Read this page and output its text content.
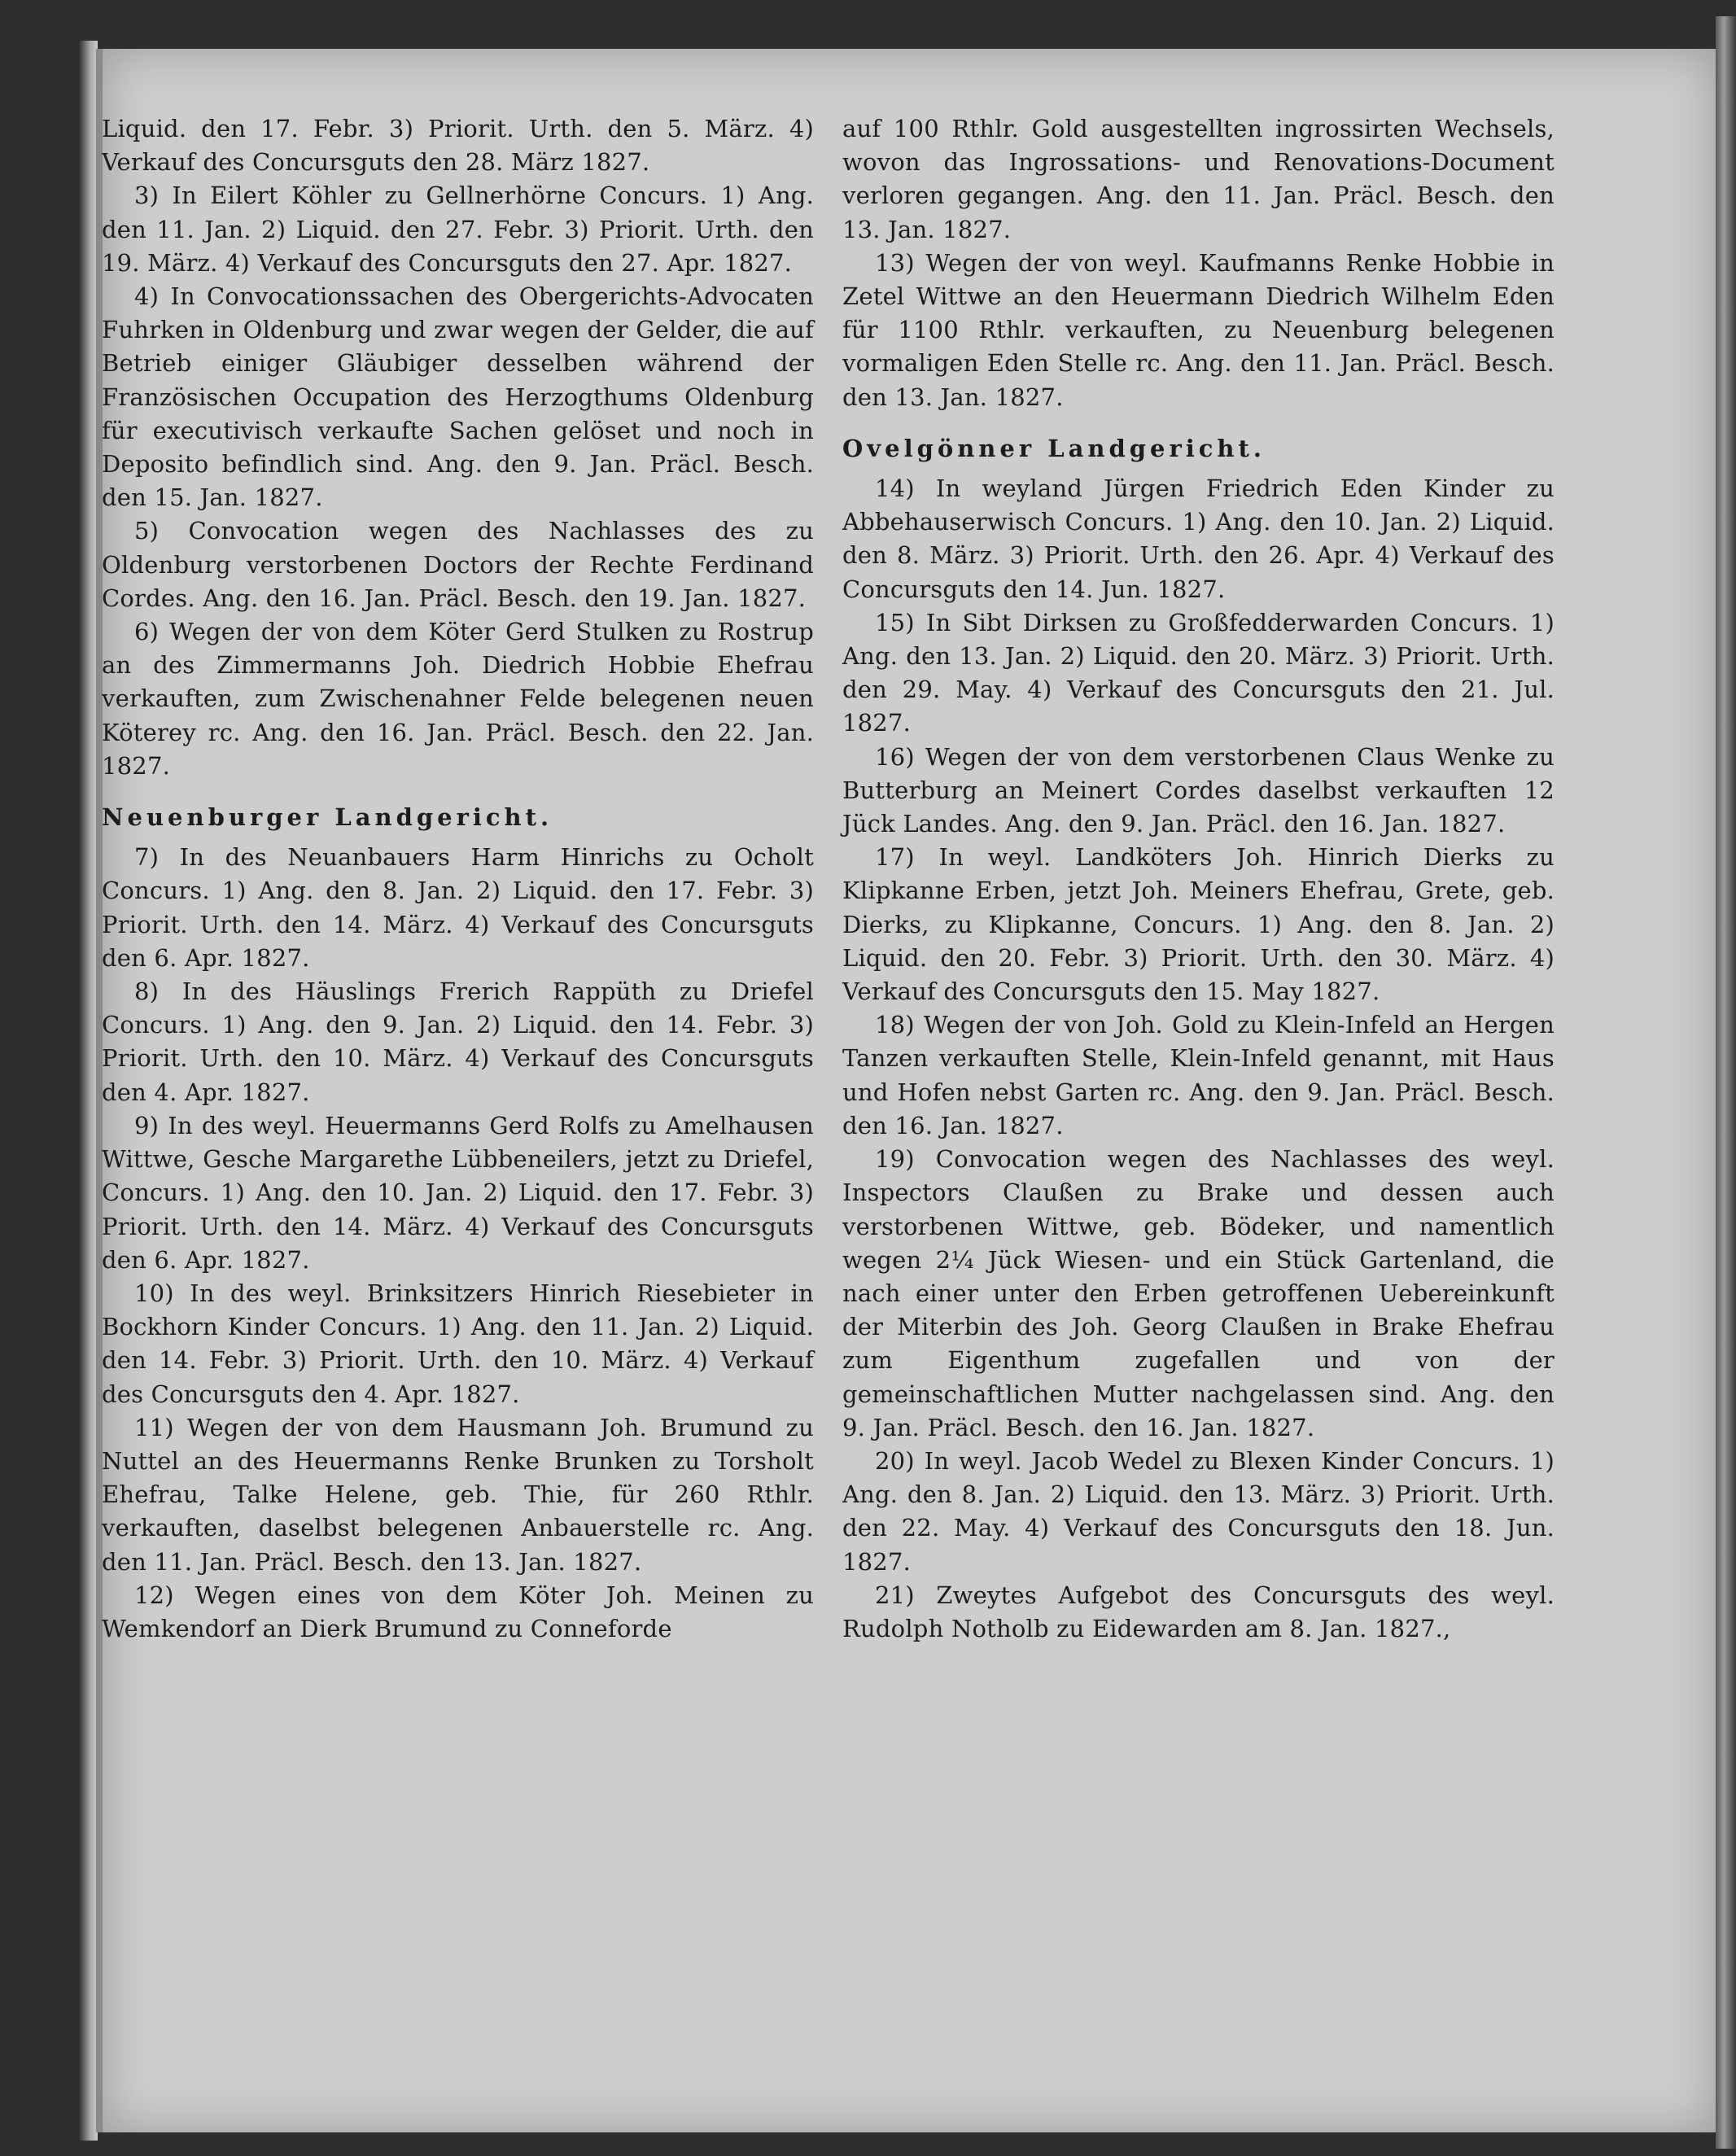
Liquid. den 17. Febr. 3) Priorit. Urth. den 5. März. 4) Verkauf des Concursguts den 28. März 1827.

3) In Eilert Köhler zu Gellnerhörne Concurs. 1) Ang. den 11. Jan. 2) Liquid. den 27. Febr. 3) Priorit. Urth. den 19. März. 4) Verkauf des Concursguts den 27. Apr. 1827.

4) In Convocationssachen des Obergerichts-Advocaten Fuhrken in Oldenburg und zwar wegen der Gelder, die auf Betrieb einiger Gläubiger desselben während der Französischen Occupation des Herzogthums Oldenburg für executivisch verkaufte Sachen gelöset und noch in Deposito befindlich sind. Ang. den 9. Jan. Präcl. Besch. den 15. Jan. 1827.

5) Convocation wegen des Nachlasses des zu Oldenburg verstorbenen Doctors der Rechte Ferdinand Cordes. Ang. den 16. Jan. Präcl. Besch. den 19. Jan. 1827.

6) Wegen der von dem Köter Gerd Stulken zu Rostrup an des Zimmermanns Joh. Diedrich Hobbie Ehefrau verkauften, zum Zwischenahner Felde belegenen neuen Köterey rc. Ang. den 16. Jan. Präcl. Besch. den 22. Jan. 1827.

Neuenburger Landgericht.

7) In des Neuanbauers Harm Hinrichs zu Ocholt Concurs. 1) Ang. den 8. Jan. 2) Liquid. den 17. Febr. 3) Priorit. Urth. den 14. März. 4) Verkauf des Concursguts den 6. Apr. 1827.

8) In des Häuslings Frerich Rappüth zu Driefel Concurs. 1) Ang. den 9. Jan. 2) Liquid. den 14. Febr. 3) Priorit. Urth. den 10. März. 4) Verkauf des Concursguts den 4. Apr. 1827.

9) In des weyl. Heuermanns Gerd Rolfs zu Amelhausen Wittwe, Gesche Margarethe Lübbeneilers, jetzt zu Driefel, Concurs. 1) Ang. den 10. Jan. 2) Liquid. den 17. Febr. 3) Priorit. Urth. den 14. März. 4) Verkauf des Concursguts den 6. Apr. 1827.

10) In des weyl. Brinksitzers Hinrich Riesebieter in Bockhorn Kinder Concurs. 1) Ang. den 11. Jan. 2) Liquid. den 14. Febr. 3) Priorit. Urth. den 10. März. 4) Verkauf des Concursguts den 4. Apr. 1827.

11) Wegen der von dem Hausmann Joh. Brumund zu Nuttel an des Heuermanns Renke Brunken zu Torsholt Ehefrau, Talke Helene, geb. Thie, für 260 Rthlr. verkauften, daselbst belegenen Anbauerstelle rc. Ang. den 11. Jan. Präcl. Besch. den 13. Jan. 1827.

12) Wegen eines von dem Köter Joh. Meinen zu Wemkendorf an Dierk Brumund zu Conneforde

auf 100 Rthlr. Gold ausgestellten ingrossirten Wechsels, wovon das Ingrossations- und Renovations-Document verloren gegangen. Ang. den 11. Jan. Präcl. Besch. den 13. Jan. 1827.

13) Wegen der von weyl. Kaufmanns Renke Hobbie in Zetel Wittwe an den Heuermann Diedrich Wilhelm Eden für 1100 Rthlr. verkauften, zu Neuenburg belegenen vormaligen Eden Stelle rc. Ang. den 11. Jan. Präcl. Besch. den 13. Jan. 1827.

Ovelgönner Landgericht.

14) In weyland Jürgen Friedrich Eden Kinder zu Abbehauserwisch Concurs. 1) Ang. den 10. Jan. 2) Liquid. den 8. März. 3) Priorit. Urth. den 26. Apr. 4) Verkauf des Concursguts den 14. Jun. 1827.

15) In Sibt Dirksen zu Großfedderwarden Concurs. 1) Ang. den 13. Jan. 2) Liquid. den 20. März. 3) Priorit. Urth. den 29. May. 4) Verkauf des Concursguts den 21. Jul. 1827.

16) Wegen der von dem verstorbenen Claus Wenke zu Butterburg an Meinert Cordes daselbst verkauften 12 Jück Landes. Ang. den 9. Jan. Präcl. den 16. Jan. 1827.

17) In weyl. Landköters Joh. Hinrich Dierks zu Klipkanne Erben, jetzt Joh. Meiners Ehefrau, Grete, geb. Dierks, zu Klipkanne, Concurs. 1) Ang. den 8. Jan. 2) Liquid. den 20. Febr. 3) Priorit. Urth. den 30. März. 4) Verkauf des Concursguts den 15. May 1827.

18) Wegen der von Joh. Gold zu Klein-Infeld an Hergen Tanzen verkauften Stelle, Klein-Infeld genannt, mit Haus und Hofen nebst Garten rc. Ang. den 9. Jan. Präcl. Besch. den 16. Jan. 1827.

19) Convocation wegen des Nachlasses des weyl. Inspectors Claußen zu Brake und dessen auch verstorbenen Wittwe, geb. Bödeker, und namentlich wegen 2¼ Jück Wiesen- und ein Stück Gartenland, die nach einer unter den Erben getroffenen Uebereinkunft der Miterbin des Joh. Georg Claußen in Brake Ehefrau zum Eigenthum zugefallen und von der gemeinschaftlichen Mutter nachgelassen sind. Ang. den 9. Jan. Präcl. Besch. den 16. Jan. 1827.

20) In weyl. Jacob Wedel zu Blexen Kinder Concurs. 1) Ang. den 8. Jan. 2) Liquid. den 13. März. 3) Priorit. Urth. den 22. May. 4) Verkauf des Concursguts den 18. Jun. 1827.

21) Zweytes Aufgebot des Concursguts des weyl. Rudolph Notholb zu Eidewarden am 8. Jan. 1827.,
